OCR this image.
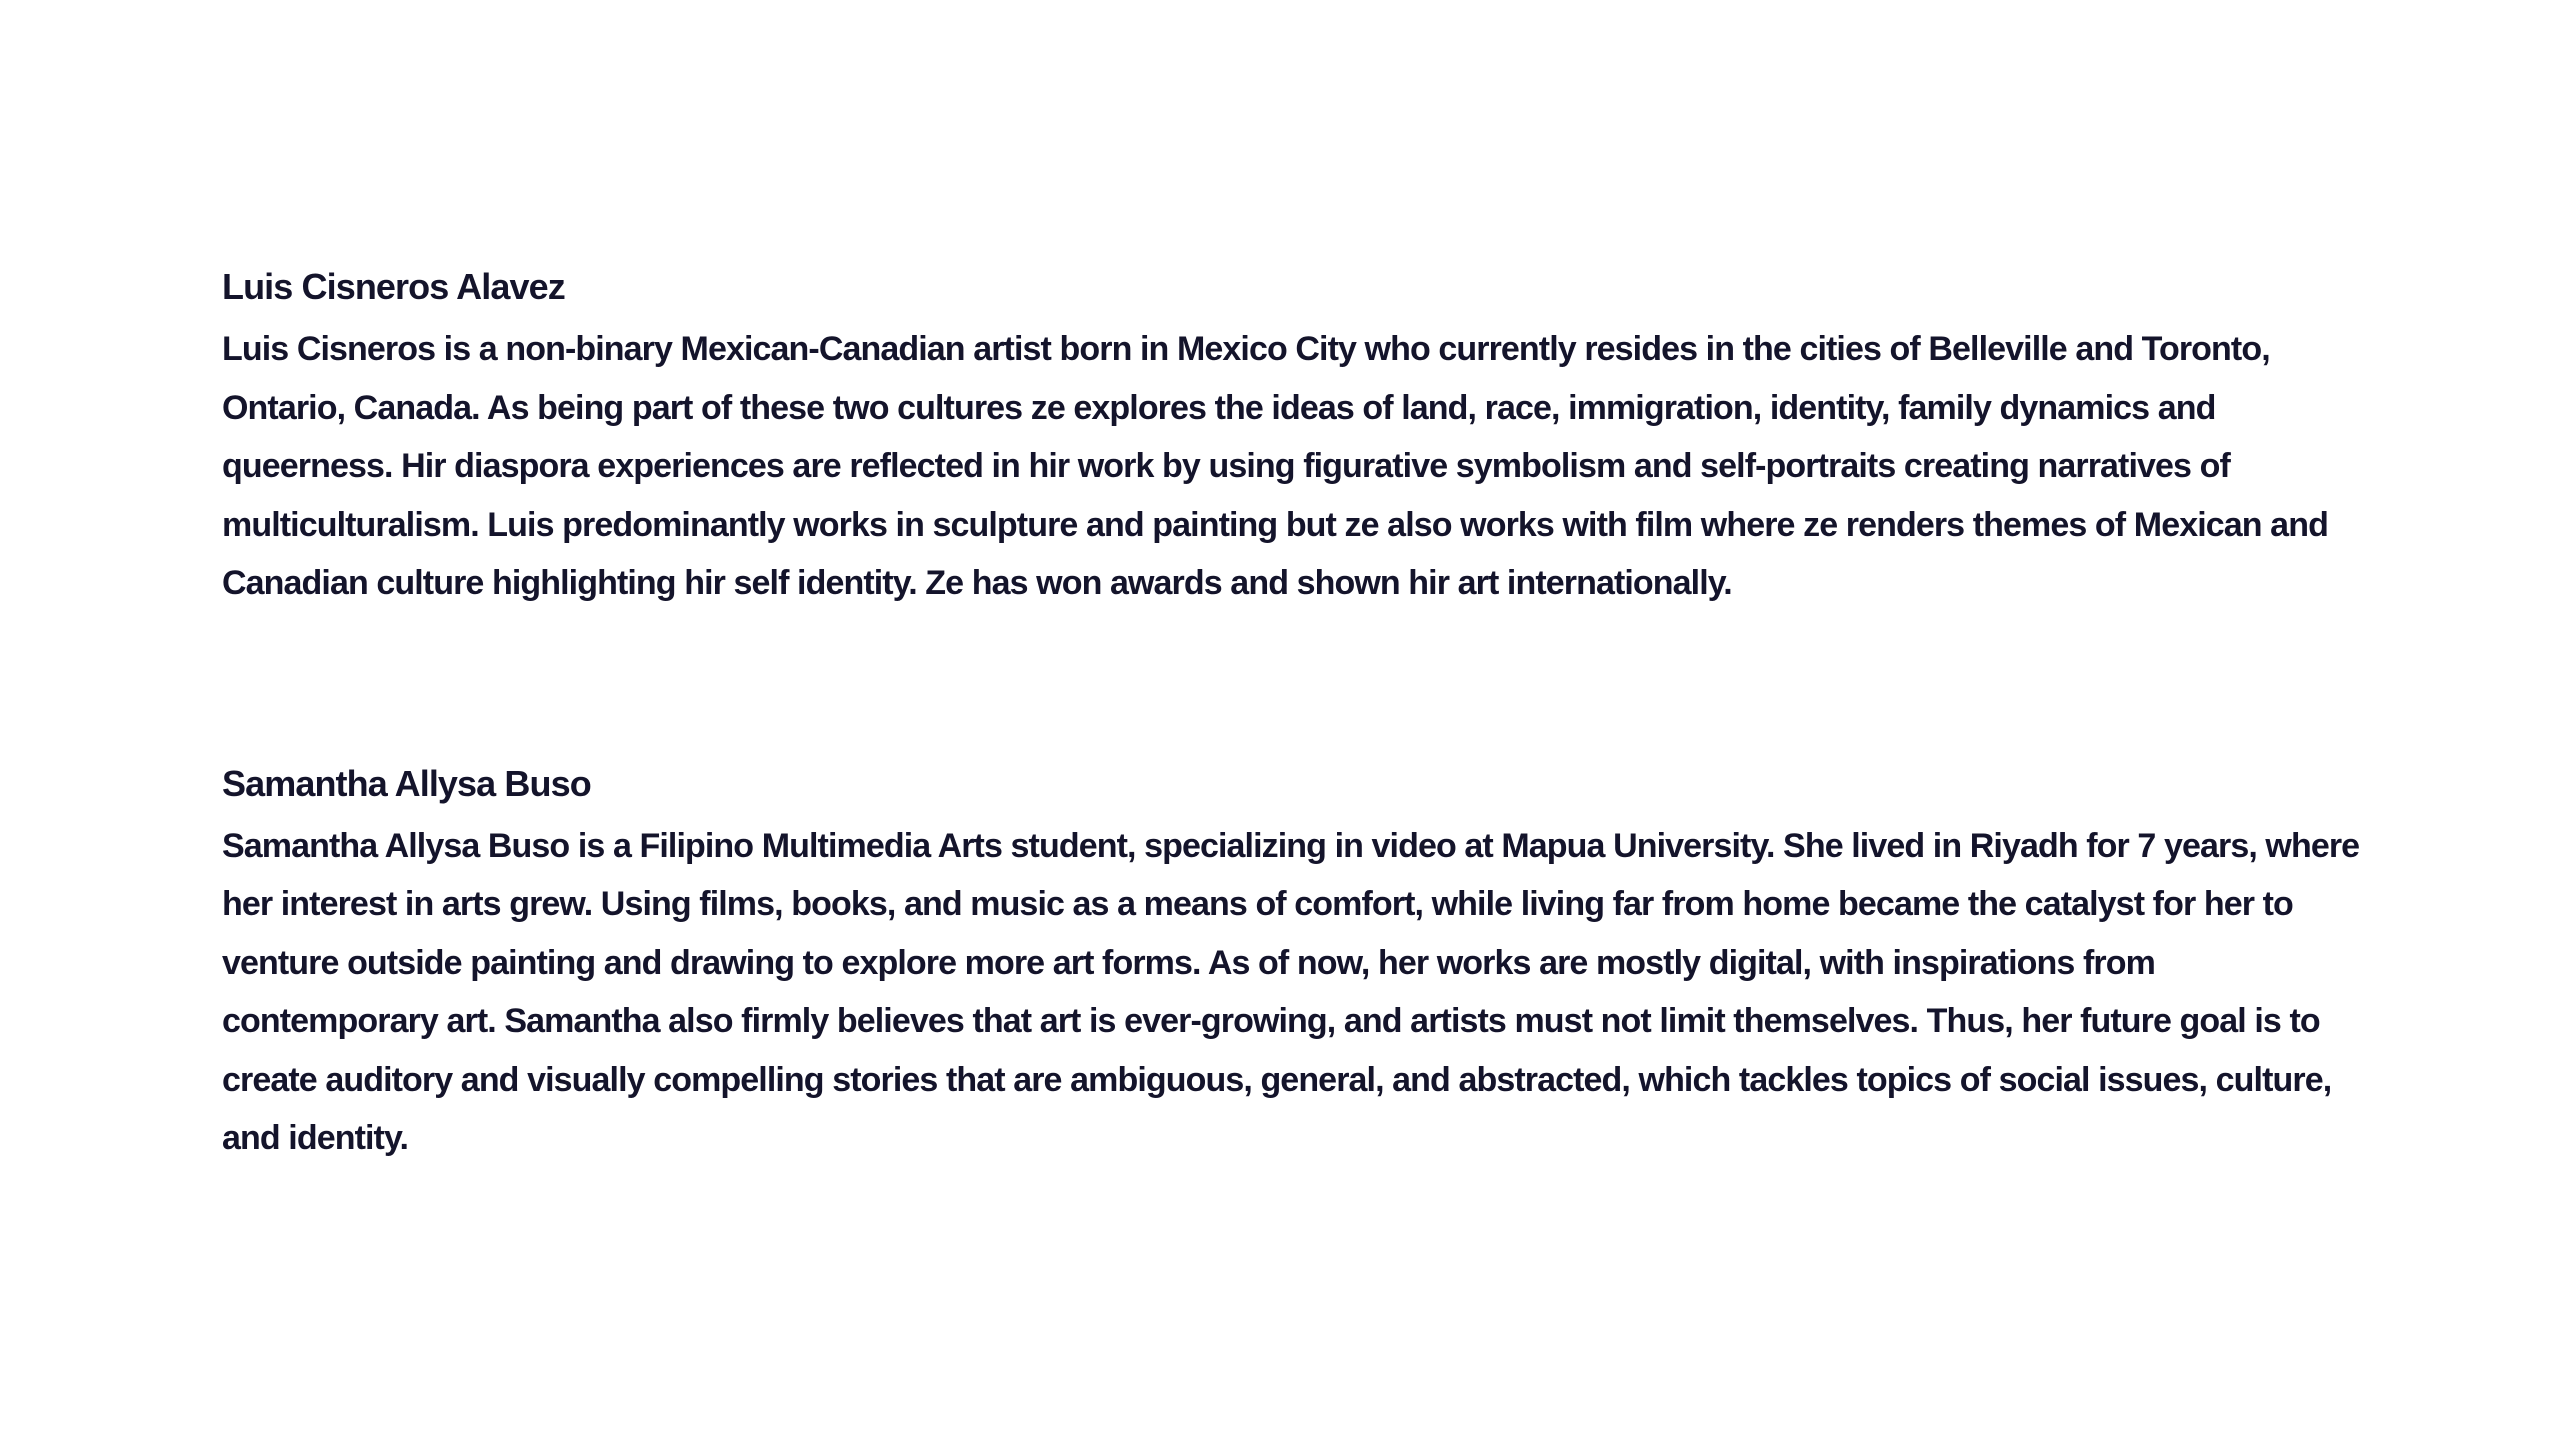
Luis Cisneros Alavez

Luis Cisneros is a non-binary Mexican-Canadian artist born in Mexico City who currently resides in the cities of Belleville and Toronto, Ontario, Canada. As being part of these two cultures ze explores the ideas of land, race, immigration, identity, family dynamics and queerness. Hir diaspora experiences are reflected in hir work by using figurative symbolism and self-portraits creating narratives of multiculturalism. Luis predominantly works in sculpture and painting but ze also works with film where ze renders themes of Mexican and Canadian culture highlighting hir self identity. Ze has won awards and shown hir art internationally.

Samantha Allysa Buso

Samantha Allysa Buso is a Filipino Multimedia Arts student, specializing in video at Mapua University. She lived in Riyadh for 7 years, where her interest in arts grew. Using films, books, and music as a means of comfort, while living far from home became the catalyst for her to venture outside painting and drawing to explore more art forms. As of now, her works are mostly digital, with inspirations from contemporary art. Samantha also firmly believes that art is ever-growing, and artists must not limit themselves. Thus, her future goal is to create auditory and visually compelling stories that are ambiguous, general, and abstracted, which tackles topics of social issues, culture, and identity.
